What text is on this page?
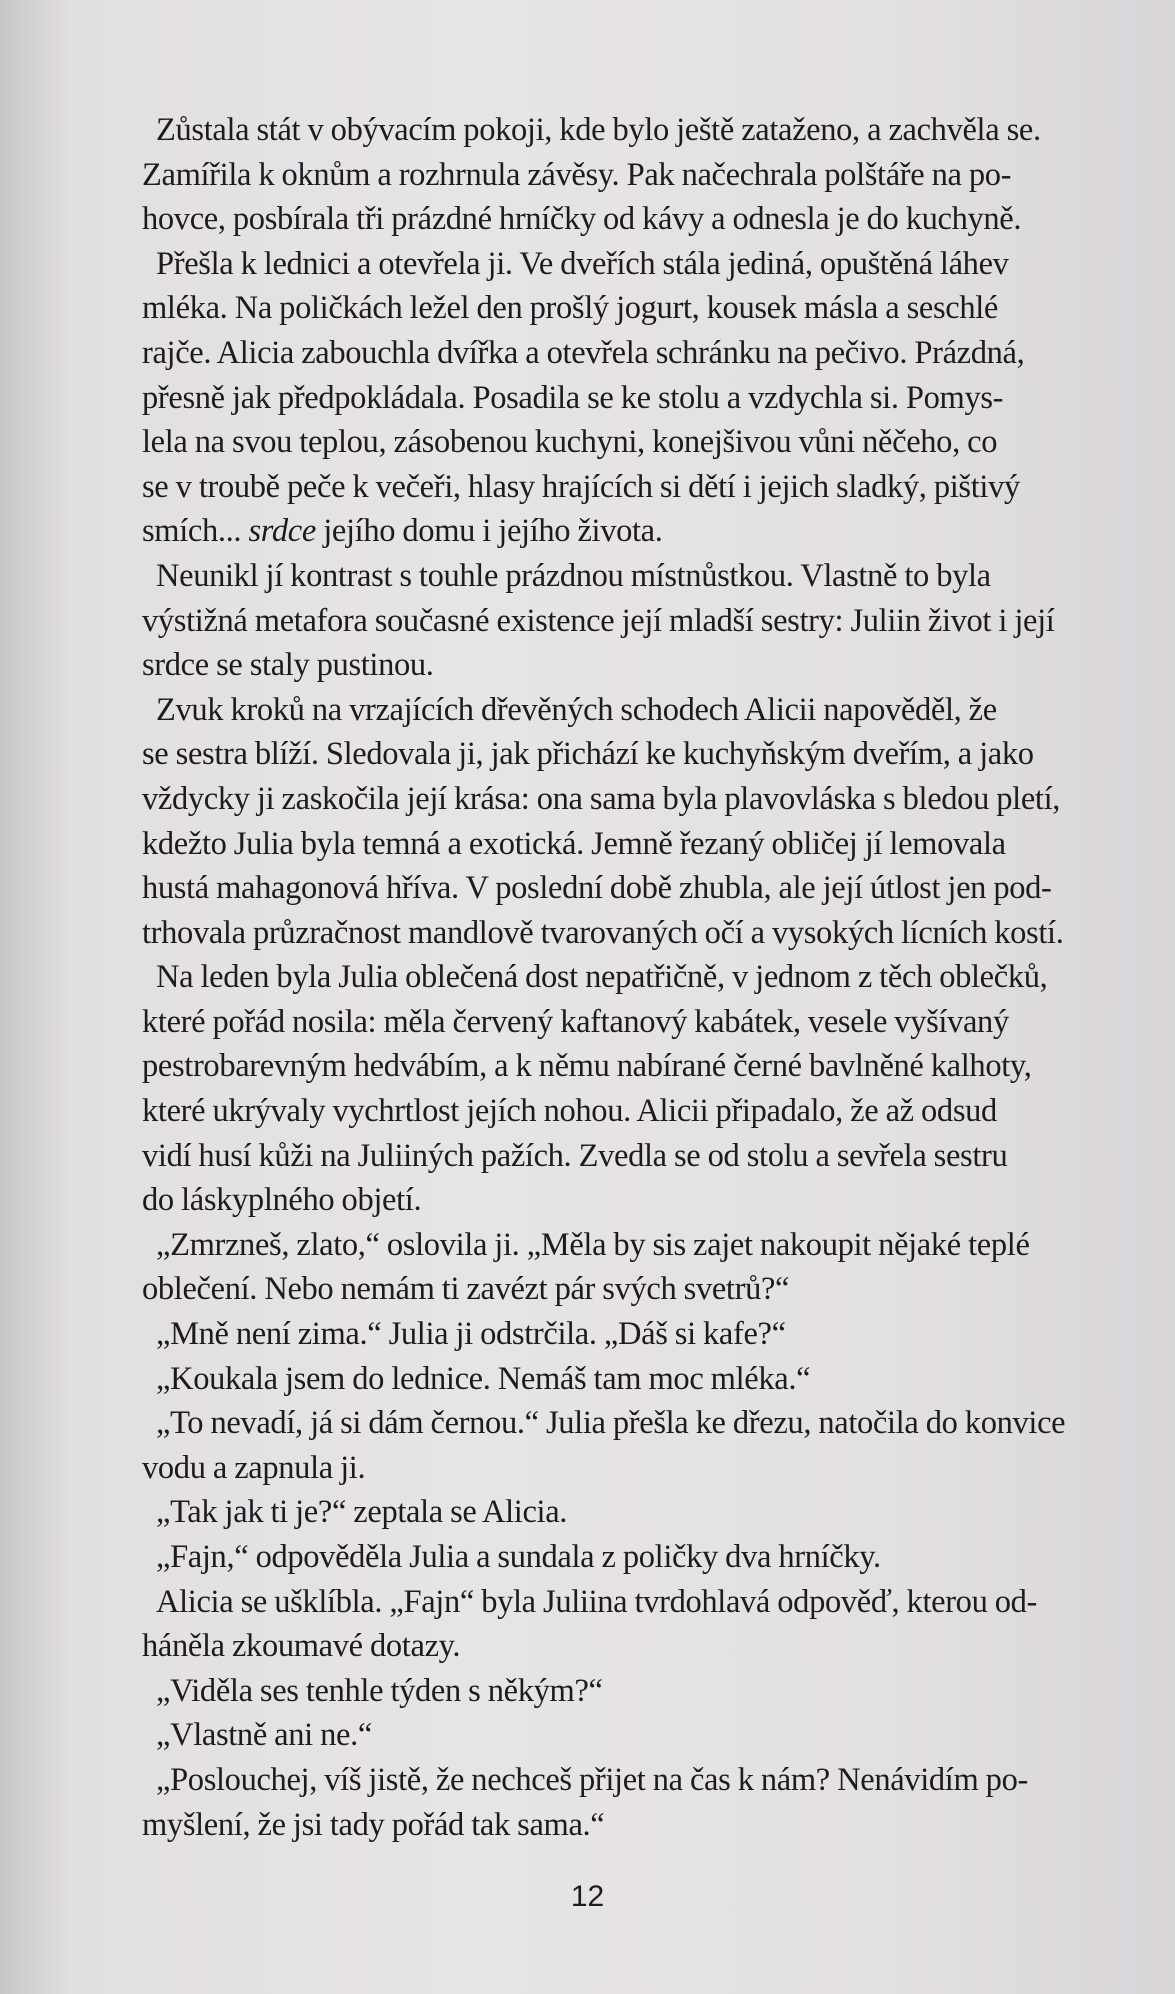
Zůstala stát v obývacím pokoji, kde bylo ještě zataženo, a zachvěla se.
Zamířila k oknům a rozhrnula závěsy. Pak načechrala polštáře na po-
hovce, posbírala tři prázdné hrníčky od kávy a odnesla je do kuchyně.
Přešla k lednici a otevřela ji. Ve dveřích stála jediná, opuštěná láhev
mléka. Na poličkách ležel den prošlý jogurt, kousek másla a seschlé
rajče. Alicia zabouchla dvířka a otevřela schránku na pečivo. Prázdná,
přesně jak předpokládala. Posadila se ke stolu a vzdychla si. Pomys-
lela na svou teplou, zásobenou kuchyni, konejšivou vůni něčeho, co
se v troubě peče k večeři, hlasy hrajících si dětí i jejich sladký, pištivý
smích... srdce jejího domu i jejího života.
Neunikl jí kontrast s touhle prázdnou místnůstkou. Vlastně to byla
výstižná metafora současné existence její mladší sestry: Juliin život i její
srdce se staly pustinou.
Zvuk kroků na vrzajících dřevěných schodech Alicii napověděl, že
se sestra blíží. Sledovala ji, jak přichází ke kuchyňským dveřím, a jako
vždycky ji zaskočila její krása: ona sama byla plavovláska s bledou pletí,
kdežto Julia byla temná a exotická. Jemně řezaný obličej jí lemovala
hustá mahagonová hříva. V poslední době zhubla, ale její útlost jen pod-
trhovala průzračnost mandlově tvarovaných očí a vysokých lícních kostí.
Na leden byla Julia oblečená dost nepatřičně, v jednom z těch oblečků,
které pořád nosila: měla červený kaftanový kabátek, vesele vyšívaný
pestrobarevným hedvábím, a k němu nabírané černé bavlněné kalhoty,
které ukrývaly vychrtlost jejích nohou. Alicii připadalo, že až odsud
vidí husí kůži na Juliiných pažích. Zvedla se od stolu a sevřela sestru
do láskyplného objetí.
„Zmrzneš, zlato,“ oslovila ji. „Měla by sis zajet nakoupit nějaké teplé
oblečení. Nebo nemám ti zavézt pár svých svetrů?“
„Mně není zima.“ Julia ji odstrčila. „Dáš si kafe?“
„Koukala jsem do lednice. Nemáš tam moc mléka.“
„To nevadí, já si dám černou.“ Julia přešla ke dřezu, natočila do konvice
vodu a zapnula ji.
„Tak jak ti je?“ zeptala se Alicia.
„Fajn,“ odpověděla Julia a sundala z poličky dva hrníčky.
Alicia se ušklíbla. „Fajn“ byla Juliina tvrdohlavá odpověď, kterou od-
háněla zkoumavé dotazy.
„Viděla ses tenhle týden s někým?“
„Vlastně ani ne.“
„Poslouchej, víš jistě, že nechceš přijet na čas k nám? Nenávidím po-
myšlení, že jsi tady pořád tak sama.“
12
